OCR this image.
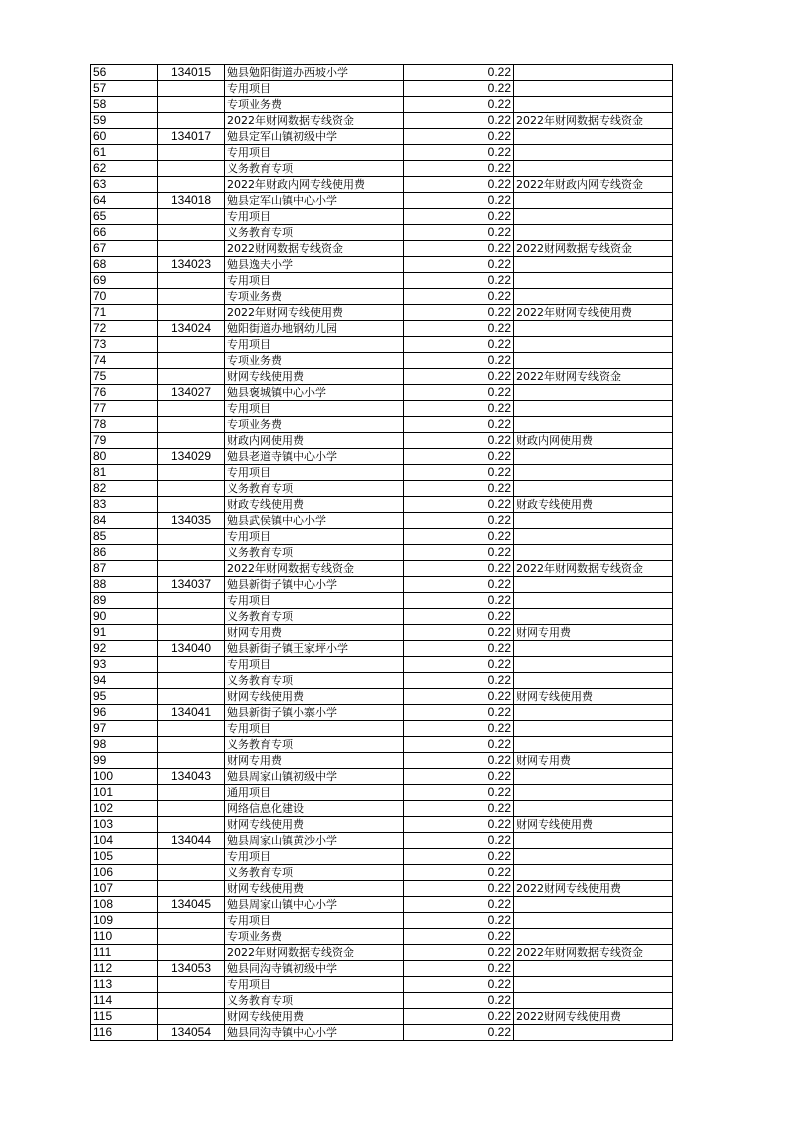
56	134015	勉县勉阳街道办西坡小学	0.22	
57		专用项目	0.22	
58		专项业务费	0.22	
59		2022年财网数据专线资金	0.22	2022年财网数据专线资金
60	134017	勉县定军山镇初级中学	0.22	
61		专用项目	0.22	
62		义务教育专项	0.22	
63		2022年财政内网专线使用费	0.22	2022年财政内网专线资金
64	134018	勉县定军山镇中心小学	0.22	
65		专用项目	0.22	
66		义务教育专项	0.22	
67		2022财网数据专线资金	0.22	2022财网数据专线资金
68	134023	勉县逸夫小学	0.22	
69		专用项目	0.22	
70		专项业务费	0.22	
71		2022年财网专线使用费	0.22	2022年财网专线使用费
72	134024	勉阳街道办地钢幼儿园	0.22	
73		专用项目	0.22	
74		专项业务费	0.22	
75		财网专线使用费	0.22	2022年财网专线资金
76	134027	勉县褒城镇中心小学	0.22	
77		专用项目	0.22	
78		专项业务费	0.22	
79		财政内网使用费	0.22	财政内网使用费
80	134029	勉县老道寺镇中心小学	0.22	
81		专用项目	0.22	
82		义务教育专项	0.22	
83		财政专线使用费	0.22	财政专线使用费
84	134035	勉县武侯镇中心小学	0.22	
85		专用项目	0.22	
86		义务教育专项	0.22	
87		2022年财网数据专线资金	0.22	2022年财网数据专线资金
88	134037	勉县新街子镇中心小学	0.22	
89		专用项目	0.22	
90		义务教育专项	0.22	
91		财网专用费	0.22	财网专用费
92	134040	勉县新街子镇王家坪小学	0.22	
93		专用项目	0.22	
94		义务教育专项	0.22	
95		财网专线使用费	0.22	财网专线使用费
96	134041	勉县新街子镇小寨小学	0.22	
97		专用项目	0.22	
98		义务教育专项	0.22	
99		财网专用费	0.22	财网专用费
100	134043	勉县周家山镇初级中学	0.22	
101		通用项目	0.22	
102		网络信息化建设	0.22	
103		财网专线使用费	0.22	财网专线使用费
104	134044	勉县周家山镇黄沙小学	0.22	
105		专用项目	0.22	
106		义务教育专项	0.22	
107		财网专线使用费	0.22	2022财网专线使用费
108	134045	勉县周家山镇中心小学	0.22	
109		专用项目	0.22	
110		专项业务费	0.22	
111		2022年财网数据专线资金	0.22	2022年财网数据专线资金
112	134053	勉县同沟寺镇初级中学	0.22	
113		专用项目	0.22	
114		义务教育专项	0.22	
115		财网专线使用费	0.22	2022财网专线使用费
116	134054	勉县同沟寺镇中心小学	0.22	
